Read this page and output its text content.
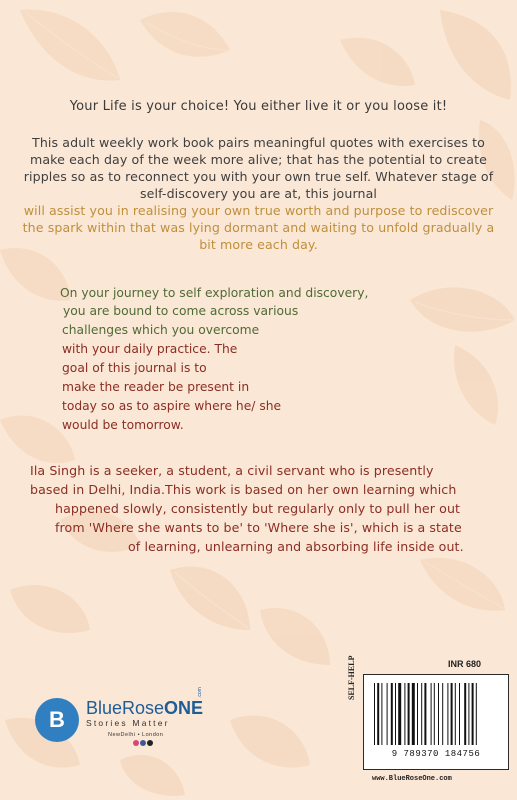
Your Life is your choice! You either live it or you loose it!
This adult weekly work book pairs meaningful quotes with exercises to make each day of the week more alive; that has the potential to create ripples so as to reconnect you with your own true self. Whatever stage of self-discovery you are at, this journal
will assist you in realising your own true worth and purpose to rediscover the spark within that was lying dormant and waiting to unfold gradually a bit more each day.
On your journey to self exploration and discovery,
you are bound to come across various
challenges which you overcome
with your daily practice. The
goal of this journal is to
make the reader be present in
today so as to aspire where he/ she
would be tomorrow.
Ila Singh is a seeker, a student, a civil servant who is presently
based in Delhi, India.This work is based on her own learning which
happened slowly, consistently but regularly only to pull her out
from 'Where she wants to be' to 'Where she is', which is a state
of learning, unlearning and absorbing life inside out.
B BlueRoseONE
.com
Stories Matter
NewDelhi • London
INR 680
SELF-HELP
9 789370 184756
www.BlueRoseOne.com
